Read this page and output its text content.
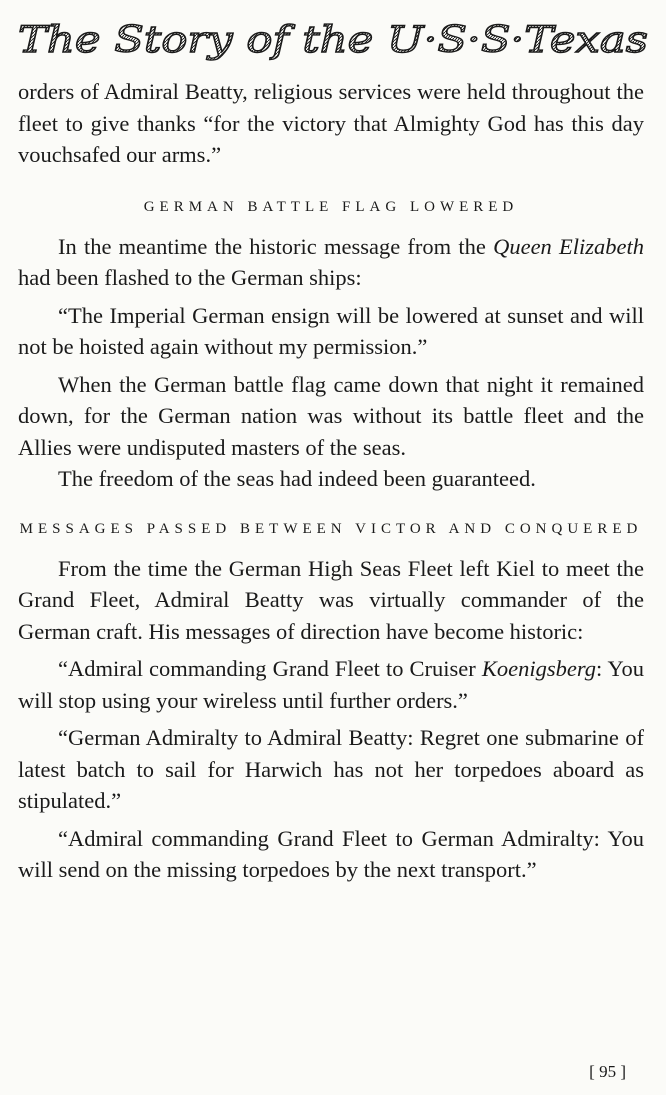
The Story of the U·S·S·Texas

orders of Admiral Beatty, religious services were held throughout the fleet to give thanks “for the victory that Almighty God has this day vouchsafed our arms.”

GERMAN BATTLE FLAG LOWERED

In the meantime the historic message from the Queen Elizabeth had been flashed to the German ships:

“The Imperial German ensign will be lowered at sunset and will not be hoisted again without my permission.”

When the German battle flag came down that night it remained down, for the German nation was without its battle fleet and the Allies were undisputed masters of the seas.

The freedom of the seas had indeed been guaranteed.

MESSAGES PASSED BETWEEN VICTOR AND CONQUERED

From the time the German High Seas Fleet left Kiel to meet the Grand Fleet, Admiral Beatty was virtually commander of the German craft. His messages of direction have become historic:

“Admiral commanding Grand Fleet to Cruiser Koenigsberg: You will stop using your wireless until further orders.”

“German Admiralty to Admiral Beatty: Regret one submarine of latest batch to sail for Harwich has not her torpedoes aboard as stipulated.”

“Admiral commanding Grand Fleet to German Admiralty: You will send on the missing torpedoes by the next transport.”

[ 95 ]
